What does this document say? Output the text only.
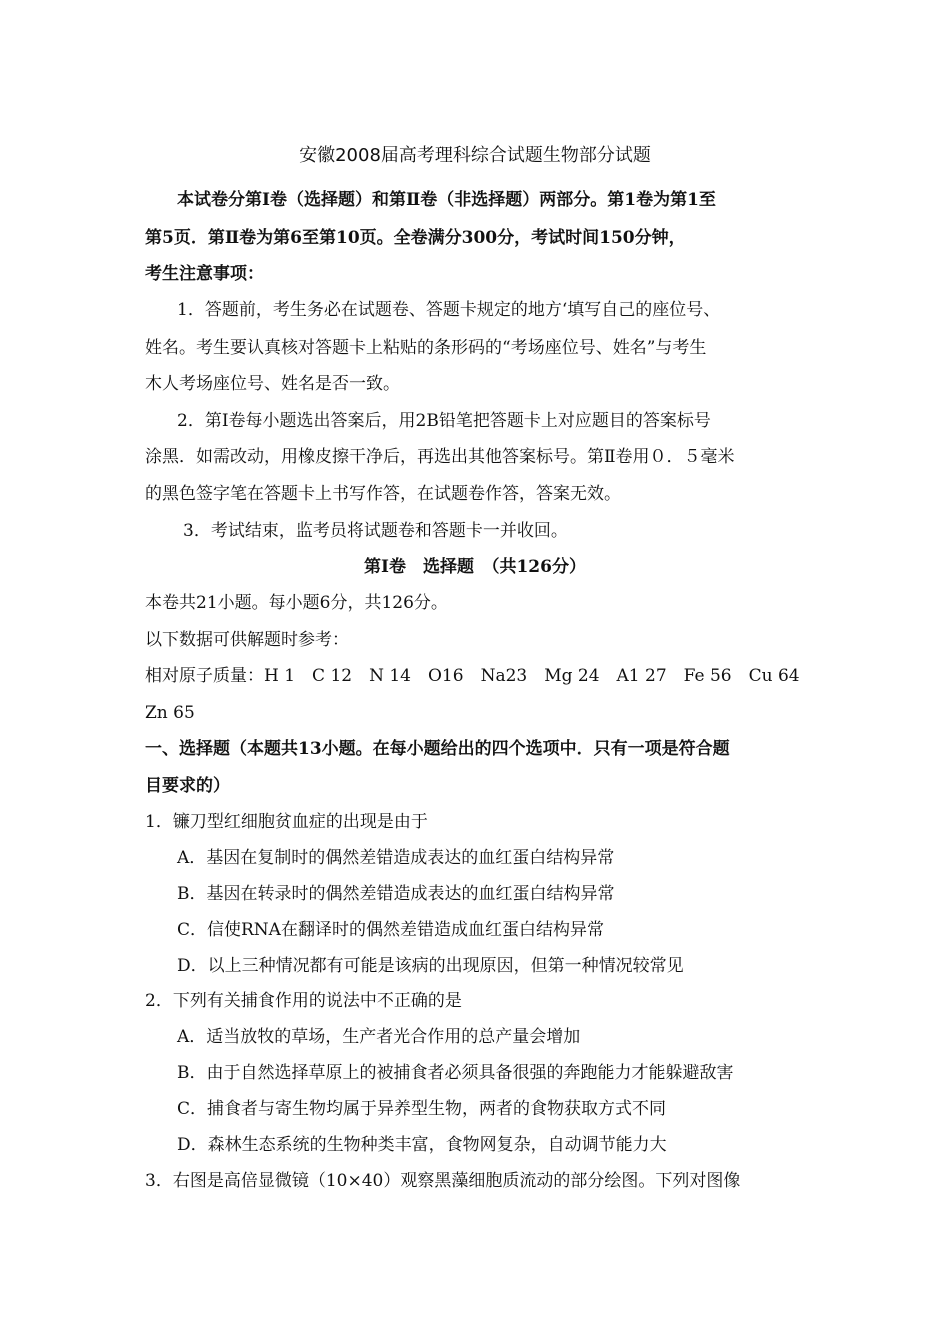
安徽2008届高考理科综合试题生物部分试题
本试卷分第Ⅰ卷（选择题）和第Ⅱ卷（非选择题）两部分。第1卷为第1至
第5页．第Ⅱ卷为第6至第10页。全卷满分300分，考试时间150分钟，
考生注意事项：
1．答题前，考生务必在试题卷、答题卡规定的地方‘填写自己的座位号、
姓名。考生要认真核对答题卡上粘贴的条形码的“考场座位号、姓名”与考生
木人考场座位号、姓名是否一致。
2．第Ⅰ卷每小题选出答案后，用2B铅笔把答题卡上对应题目的答案标号
涂黑．如需改动，用橡皮擦干净后，再选出其他答案标号。第Ⅱ卷用０．５毫米
的黑色签字笔在答题卡上书写作答，在试题卷作答，答案无效。
3．考试结束，监考员将试题卷和答题卡一并收回。
第Ⅰ卷　选择题　（共126分）
本卷共21小题。每小题6分，共126分。
以下数据可供解题时参考：
相对原子质量：H 1　C 12　N 14　O16　Na23　Mg 24　A1 27　Fe 56　Cu 64
Zn 65
一、选择题（本题共13小题。在每小题给出的四个选项中．只有一项是符合题
目要求的）
1．镰刀型红细胞贫血症的出现是由于
A．基因在复制时的偶然差错造成表达的血红蛋白结构异常
B．基因在转录时的偶然差错造成表达的血红蛋白结构异常
C．信使RNA在翻译时的偶然差错造成血红蛋白结构异常
D．以上三种情况都有可能是该病的出现原因，但第一种情况较常见
2．下列有关捕食作用的说法中不正确的是
A．适当放牧的草场，生产者光合作用的总产量会增加
B．由于自然选择草原上的被捕食者必须具备很强的奔跑能力才能躲避敌害
C．捕食者与寄生物均属于异养型生物，两者的食物获取方式不同
D．森林生态系统的生物种类丰富，食物网复杂，自动调节能力大
3．右图是高倍显微镜（10×40）观察黑藻细胞质流动的部分绘图。下列对图像
